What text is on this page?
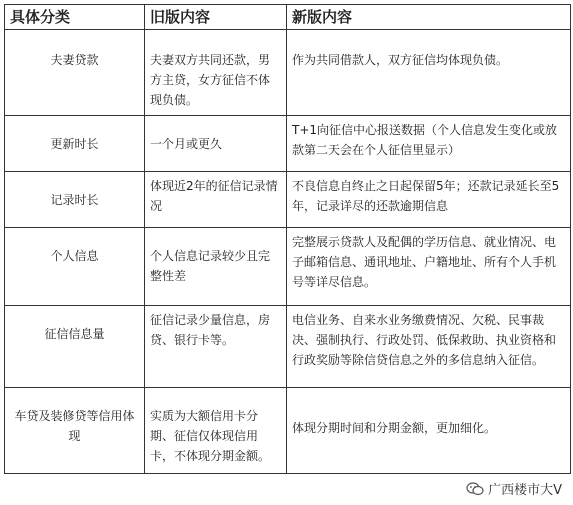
具体分类	旧版内容	新版内容
夫妻贷款	夫妻双方共同还款，男方主贷，女方征信不体现负债。	作为共同借款人，双方征信均体现负债。
更新时长	一个月或更久	T+1向征信中心报送数据（个人信息发生变化或放款第二天会在个人征信里显示）
记录时长	体现近2年的征信记录情况	不良信息自终止之日起保留5年；还款记录延长至5年，记录详尽的还款逾期信息
个人信息	个人信息记录较少且完整性差	完整展示贷款人及配偶的学历信息、就业情况、电子邮箱信息、通讯地址、户籍地址、所有个人手机号等详尽信息。
征信信息量	征信记录少量信息，房贷、银行卡等。	电信业务、自来水业务缴费情况、欠税、民事裁决、强制执行、行政处罚、低保救助、执业资格和行政奖励等除信贷信息之外的多信息纳入征信。
车贷及装修贷等信用体现	实质为大额信用卡分期、征信仅体现信用卡，不体现分期金额。	体现分期时间和分期金额，更加细化。
广西楼市大V
